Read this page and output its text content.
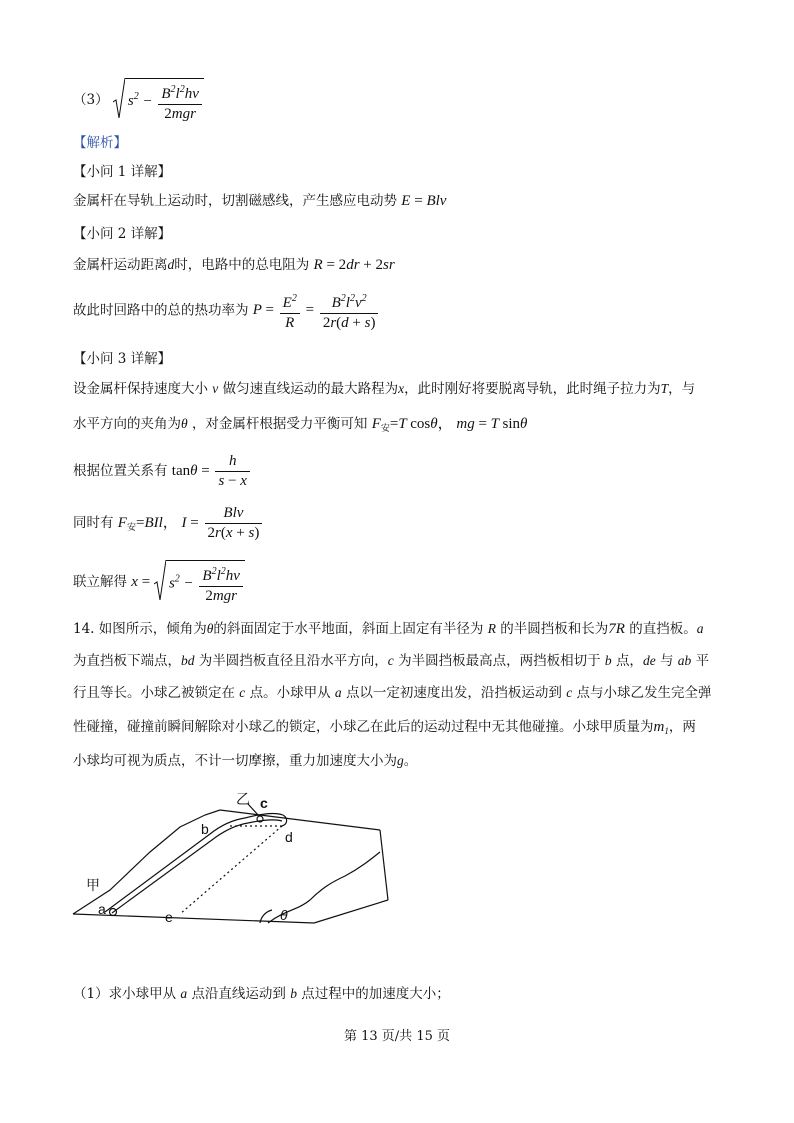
（3） $s^2 - \frac{B^2l^2hv}{\text{2mgr}}$
【解析】
【小问 1 详解】
金属杆在导轨上运动时，切割磁感线，产生感应电动势 E = Blv
【小问 2 详解】
金属杆运动距离d时，电路中的总电阻为 R = 2dr + 2sr
故此时回路中的总的热功率为 $P = \frac{E^2}{R} = \frac{B^2l^2v^2}{2r(d + s)}$
【小问 3 详解】
设金属杆保持速度大小 v 做匀速直线运动的最大路程为x，此时刚好将要脱离导轨，此时绳子拉力为T，与
水平方向的夹角为θ ，对金属杆根据受力平衡可知 $F_安=T$ cosθ， mg = T sinθ
根据位置关系有 $\tan\theta = \frac{h}{s - x}$
同时有 $F_安=BIl$， $I = \frac{\text{Blv}}{2r(x + s)}$
联立解得 $x = s^2 - \frac{B^2l^2hv}{\text{2mgr}}$
14. 如图所示，倾角为θ的斜面固定于水平地面，斜面上固定有半径为 R 的半圆挡板和长为7R 的直挡板。a
为直挡板下端点，bd 为半圆挡板直径且沿水平方向，c 为半圆挡板最高点，两挡板相切于 b 点，de 与 ab 平
行且等长。小球乙被锁定在 c 点。小球甲从 a 点以一定初速度出发，沿挡板运动到 c 点与小球乙发生完全弹
性碰撞，碰撞前瞬间解除对小球乙的锁定，小球乙在此后的运动过程中无其他碰撞。小球甲质量为$m_1$，两
小球均可视为质点，不计一切摩擦，重力加速度大小为g。
甲
a
b
乙 c
d
e	θ
（1）求小球甲从 a 点沿直线运动到 b 点过程中的加速度大小；
第 13 页/共 15 页
